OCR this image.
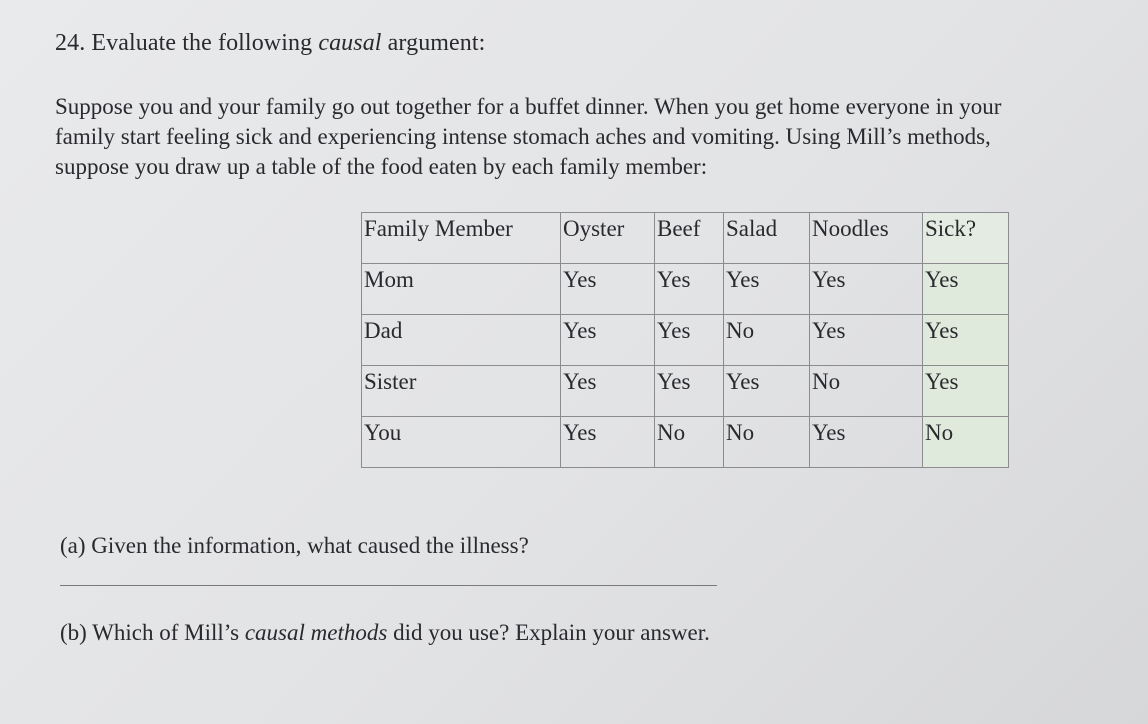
24. Evaluate the following causal argument:

Suppose you and your family go out together for a buffet dinner. When you get home everyone in your

family start feeling sick and experiencing intense stomach aches and vomiting. Using Mill’s methods,

suppose you draw up a table of the food eaten by each family member:

Family Member	Oyster	Beef	Salad	Noodles	Sick?
Mom	Yes	Yes	Yes	Yes	Yes
Dad	Yes	Yes	No	Yes	Yes
Sister	Yes	Yes	Yes	No	Yes
You	Yes	No	No	Yes	No
(a) Given the information, what caused the illness?
(b) Which of Mill’s causal methods did you use? Explain your answer.
